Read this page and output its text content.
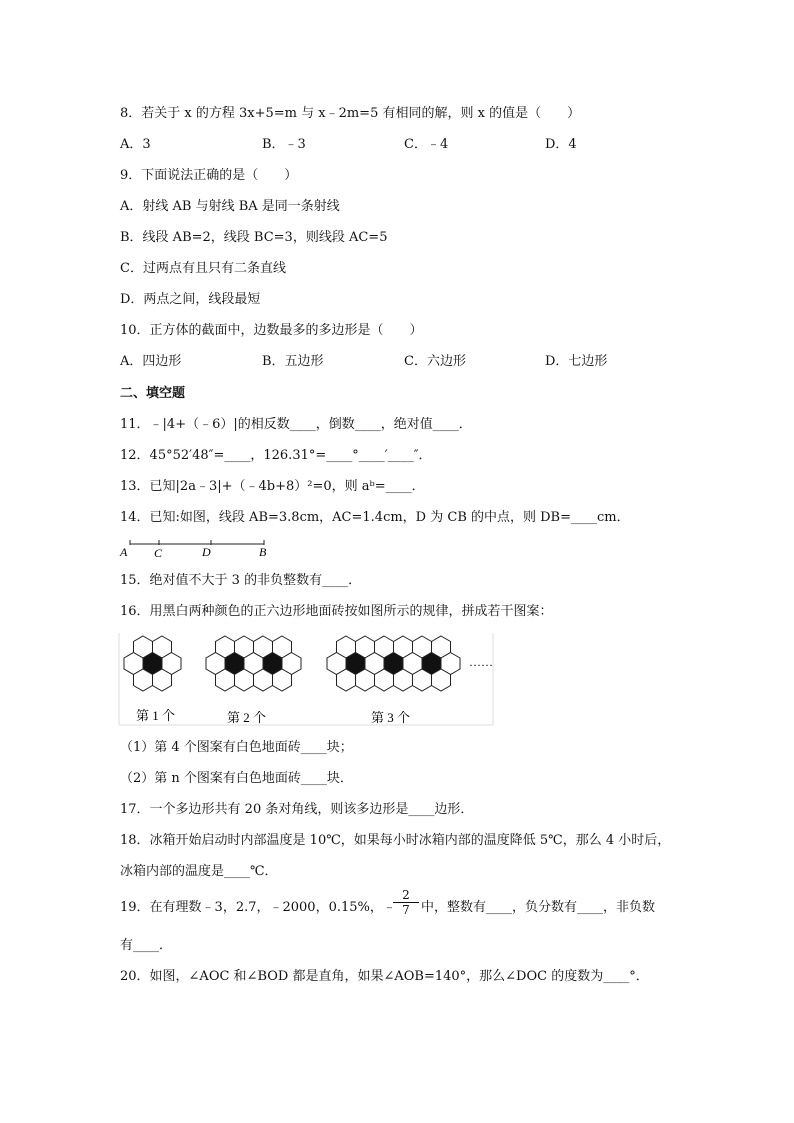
8．若关于 x 的方程 3x+5=m 与 x﹣2m=5 有相同的解，则 x 的值是（　　）
A．3	B．﹣3	C．﹣4	D．4
9．下面说法正确的是（　　）
A．射线 AB 与射线 BA 是同一条射线
B．线段 AB=2，线段 BC=3，则线段 AC=5
C．过两点有且只有二条直线
D．两点之间，线段最短
10．正方体的截面中，边数最多的多边形是（　　）
A．四边形	B．五边形	C．六边形	D．七边形
二、填空题
11．﹣|4+（﹣6）|的相反数____，倒数____，绝对值____．
12．45°52′48″=____，126.31°=____°____′____″．
13．已知|2a﹣3|+（﹣4b+8）²=0，则 aᵇ=____．
14．已知:如图，线段 AB=3.8cm，AC=1.4cm，D 为 CB 的中点，则 DB=____cm．
A C	D	B
15．绝对值不大于 3 的非负整数有____．
16．用黑白两种颜色的正六边形地面砖按如图所示的规律，拼成若干图案：
……
第 1 个	第 2 个	第 3 个
（1）第 4 个图案有白色地面砖____块；
（2）第 n 个图案有白色地面砖____块．
17．一个多边形共有 20 条对角线，则该多边形是____边形．
18．冰箱开始启动时内部温度是 10℃，如果每小时冰箱内部的温度降低 5℃，那么 4 小时后，
冰箱内部的温度是____℃．
19．在有理数﹣3，2.7，﹣2000，0.15%， ﹣
$\frac{2}{7}$ 中，整数有____，负分数有____，非负数
有____．
20．如图，∠AOC 和∠BOD 都是直角，如果∠AOB=140°，那么∠DOC 的度数为____°．
